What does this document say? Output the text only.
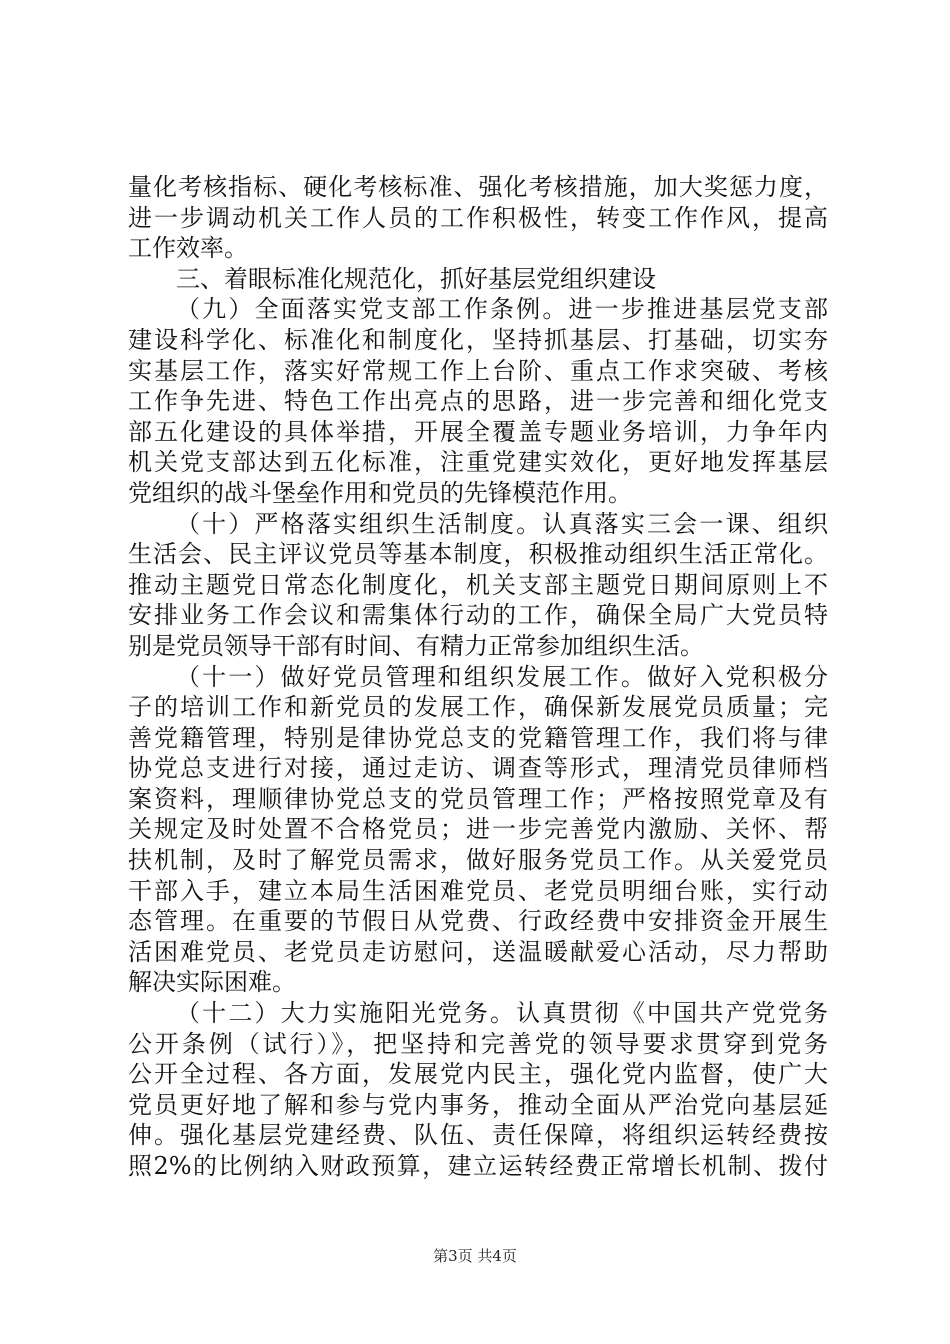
量化考核指标、硬化考核标准、强化考核措施，加大奖惩力度，
进一步调动机关工作人员的工作积极性，转变工作作风，提高
工作效率。
三、着眼标准化规范化，抓好基层党组织建设
（九）全面落实党支部工作条例。进一步推进基层党支部
建设科学化、标准化和制度化，坚持抓基层、打基础，切实夯
实基层工作，落实好常规工作上台阶、重点工作求突破、考核
工作争先进、特色工作出亮点的思路，进一步完善和细化党支
部五化建设的具体举措，开展全覆盖专题业务培训，力争年内
机关党支部达到五化标准，注重党建实效化，更好地发挥基层
党组织的战斗堡垒作用和党员的先锋模范作用。
（十）严格落实组织生活制度。认真落实三会一课、组织
生活会、民主评议党员等基本制度，积极推动组织生活正常化。
推动主题党日常态化制度化，机关支部主题党日期间原则上不
安排业务工作会议和需集体行动的工作，确保全局广大党员特
别是党员领导干部有时间、有精力正常参加组织生活。
（十一）做好党员管理和组织发展工作。做好入党积极分
子的培训工作和新党员的发展工作，确保新发展党员质量；完
善党籍管理，特别是律协党总支的党籍管理工作，我们将与律
协党总支进行对接，通过走访、调查等形式，理清党员律师档
案资料，理顺律协党总支的党员管理工作；严格按照党章及有
关规定及时处置不合格党员；进一步完善党内激励、关怀、帮
扶机制，及时了解党员需求，做好服务党员工作。从关爱党员
干部入手，建立本局生活困难党员、老党员明细台账，实行动
态管理。在重要的节假日从党费、行政经费中安排资金开展生
活困难党员、老党员走访慰问，送温暖献爱心活动，尽力帮助
解决实际困难。
（十二）大力实施阳光党务。认真贯彻《中国共产党党务
公开条例（试行）》，把坚持和完善党的领导要求贯穿到党务
公开全过程、各方面，发展党内民主，强化党内监督，使广大
党员更好地了解和参与党内事务，推动全面从严治党向基层延
伸。强化基层党建经费、队伍、责任保障，将组织运转经费按
照2%的比例纳入财政预算，建立运转经费正常增长机制、拨付
第3页 共4页
